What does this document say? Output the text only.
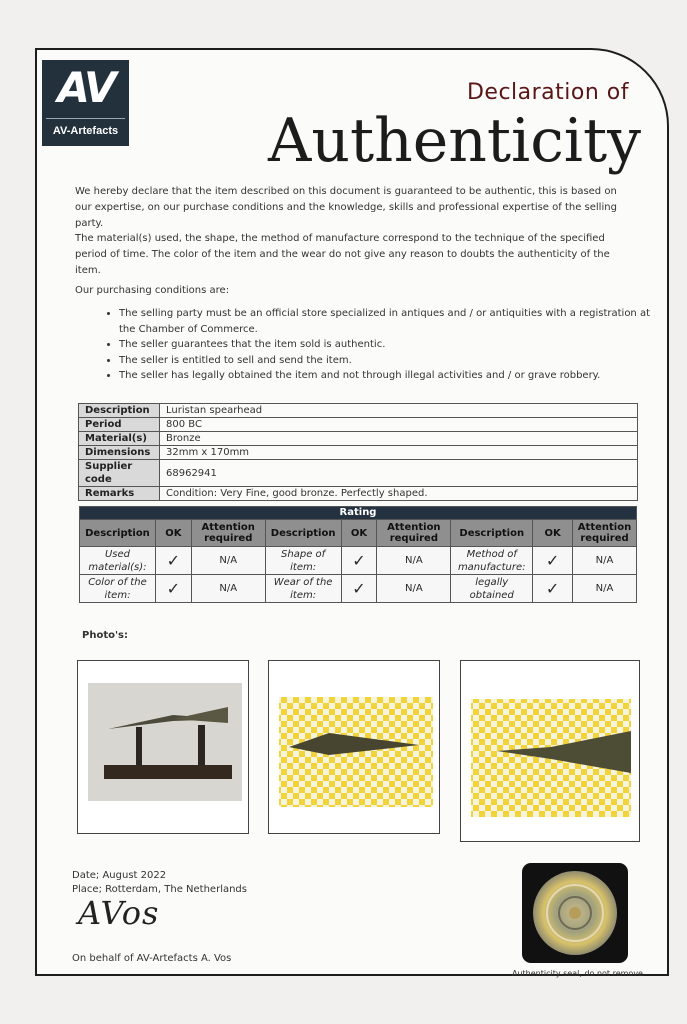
AV
AV-Artefacts
Declaration of
Authenticity

We hereby declare that the item described on this document is guaranteed to be authentic, this is based on our expertise, on our purchase conditions and the knowledge, skills and professional expertise of the selling party.

The material(s) used, the shape, the method of manufacture correspond to the technique of the specified period of time. The color of the item and the wear do not give any reason to doubts the authenticity of the item.

Our purchasing conditions are:

• The selling party must be an official store specialized in antiques and / or antiquities with a registration at the Chamber of Commerce.
• The seller guarantees that the item sold is authentic.
• The seller is entitled to sell and send the item.
• The seller has legally obtained the item and not through illegal activities and / or grave robbery.
Description	Luristan spearhead
Period	800 BC
Material(s)	Bronze
Dimensions	32mm x 170mm
Supplier code	68962941
Remarks	Condition: Very Fine, good bronze. Perfectly shaped.
Rating								
Description	OK	Attention required	Description	OK	Attention required	Description	OK	Attention required
Used material(s):	✓	N/A	Shape of item:	✓	N/A	Method of manufacture:	✓	N/A
Color of the item:	✓	N/A	Wear of the item:	✓	N/A	legally obtained	✓	N/A
Photo's:
Date; August 2022
Place; Rotterdam, The Netherlands
AVos
On behalf of AV-Artefacts A. Vos
Authenticity seal, do not remove
